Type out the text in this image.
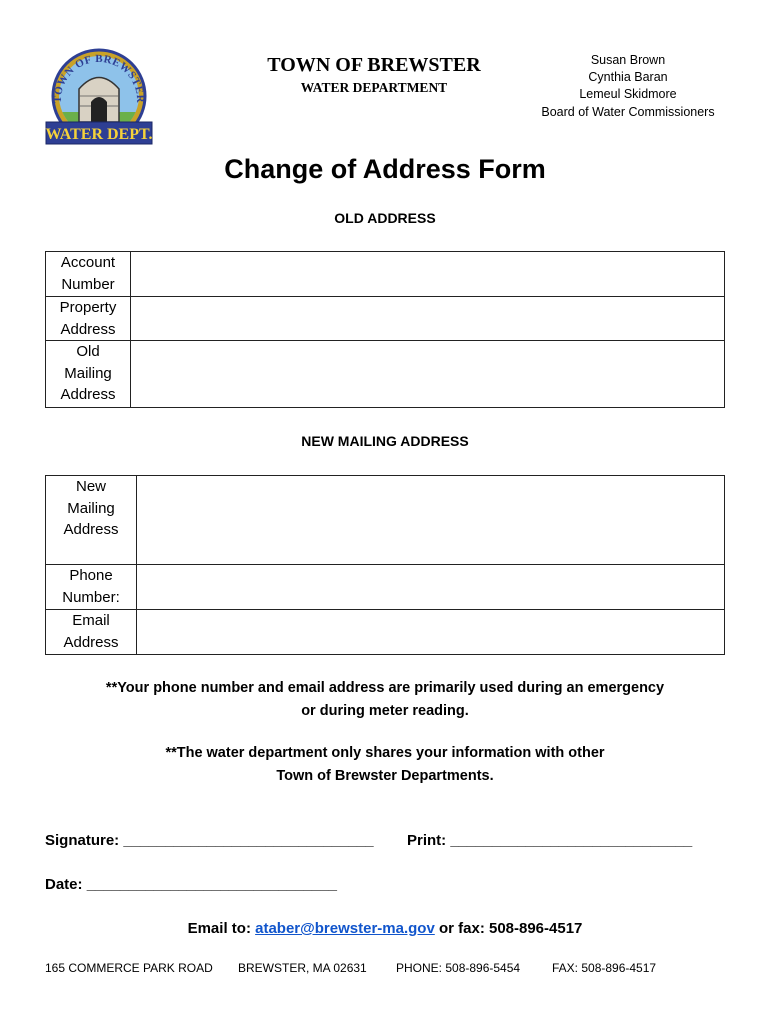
TOWN OF BREWSTER
WATER DEPT.
TOWN OF BREWSTER
WATER DEPARTMENT
Susan Brown
Cynthia Baran
Lemeul Skidmore
Board of Water Commissioners
Change of Address Form
OLD ADDRESS
Account
Number	

Property
Address	

Old
Mailing
Address	

NEW MAILING ADDRESS
New
Mailing
Address	

Phone
Number:	

Email
Address	

**Your phone number and email address are primarily used during an emergency
or during meter reading.
**The water department only shares your information with other
Town of Brewster Departments.
Signature: ______________________________ Print: _____________________________
Date: ______________________________
Email to: ataber@brewster-ma.gov or fax: 508-896-4517
165 COMMERCE PARK ROAD BREWSTER, MA 02631 PHONE: 508-896-5454	FAX: 508-896-4517
